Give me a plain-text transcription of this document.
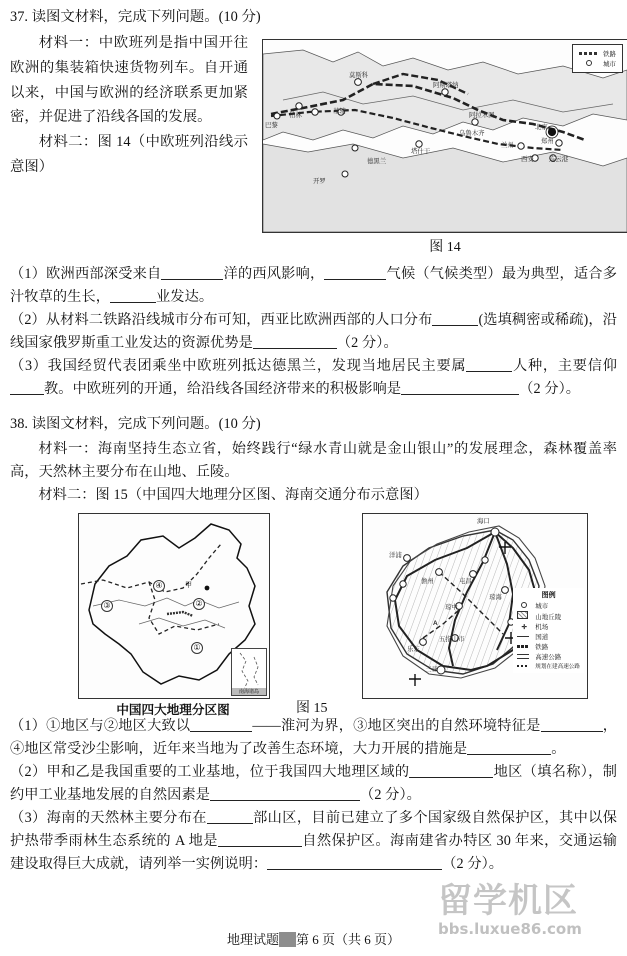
37. 读图文材料，完成下列问题。(10 分)
材料一：中欧班列是指中国开往欧洲的集装箱快速货物列车。自开通以来，中国与欧洲的经济联系更加紧密，并促进了沿线各国的发展。
材料二：图 14（中欧班列沿线示意图）
莫斯科
阿斯塔纳
柏林
基辅
巴黎
塔什干
德黑兰
开罗
阿拉木图
乌鲁木齐
兰州
北京
郑州
西安 连云港
铁路
城市
图 14
（1）欧洲西部深受来自	洋的西风影响，	气候（气候类型）最为典型，适合多汁牧草的生长，	业发达。
（2）从材料二铁路沿线城市分布可知，西亚比欧洲西部的人口分布	(选填稠密或稀疏)，沿线国家俄罗斯重工业发达的资源优势是	（2 分）。
（3）我国经贸代表团乘坐中欧班列抵达德黑兰，发现当地居民主要属	人种，主要信仰教。中欧班列的开通，给沿线各国经济带来的积极影响是	（2 分）。
38. 读图文材料，完成下列问题。(10 分)
材料一：海南坚持生态立省，始终践行“绿水青山就是金山银山”的发展理念，森林覆盖率高，天然林主要分布在山地、丘陵。
材料二：图 15（中国四大地理分区图、海南交通分布示意图）
①
②
③
④	甲
南海诸岛
海口
洋浦
儋州	屯昌
琼海
琼中
五指山市
乐东
三亚
A
图例
城市
山地丘陵
✛	机场
国道
铁路
高速公路
规划在建高速公路
中国四大地理分区图	图 15
（1）①地区与②地区大致以	——淮河为界，③地区突出的自然环境特征是	，④地区常受沙尘影响，近年来当地为了改善生态环境，大力开展的措施是	。
（2）甲和乙是我国重要的工业基地，位于我国四大地理区域的	地区（填名称），制约甲工业基地发展的自然因素是	（2 分）。
（3）海南的天然林主要分布在	部山区，目前已建立了多个国家级自然保护区，其中以保护热带季雨林生态系统的 A 地是	自然保护区。海南建省办特区 30 年来，交通运输建设取得巨大成就，请列举一实例说明：	（2 分）。
留学机区
bbs.luxue86.com
地理试题 __ 第 6 页（共 6 页）
